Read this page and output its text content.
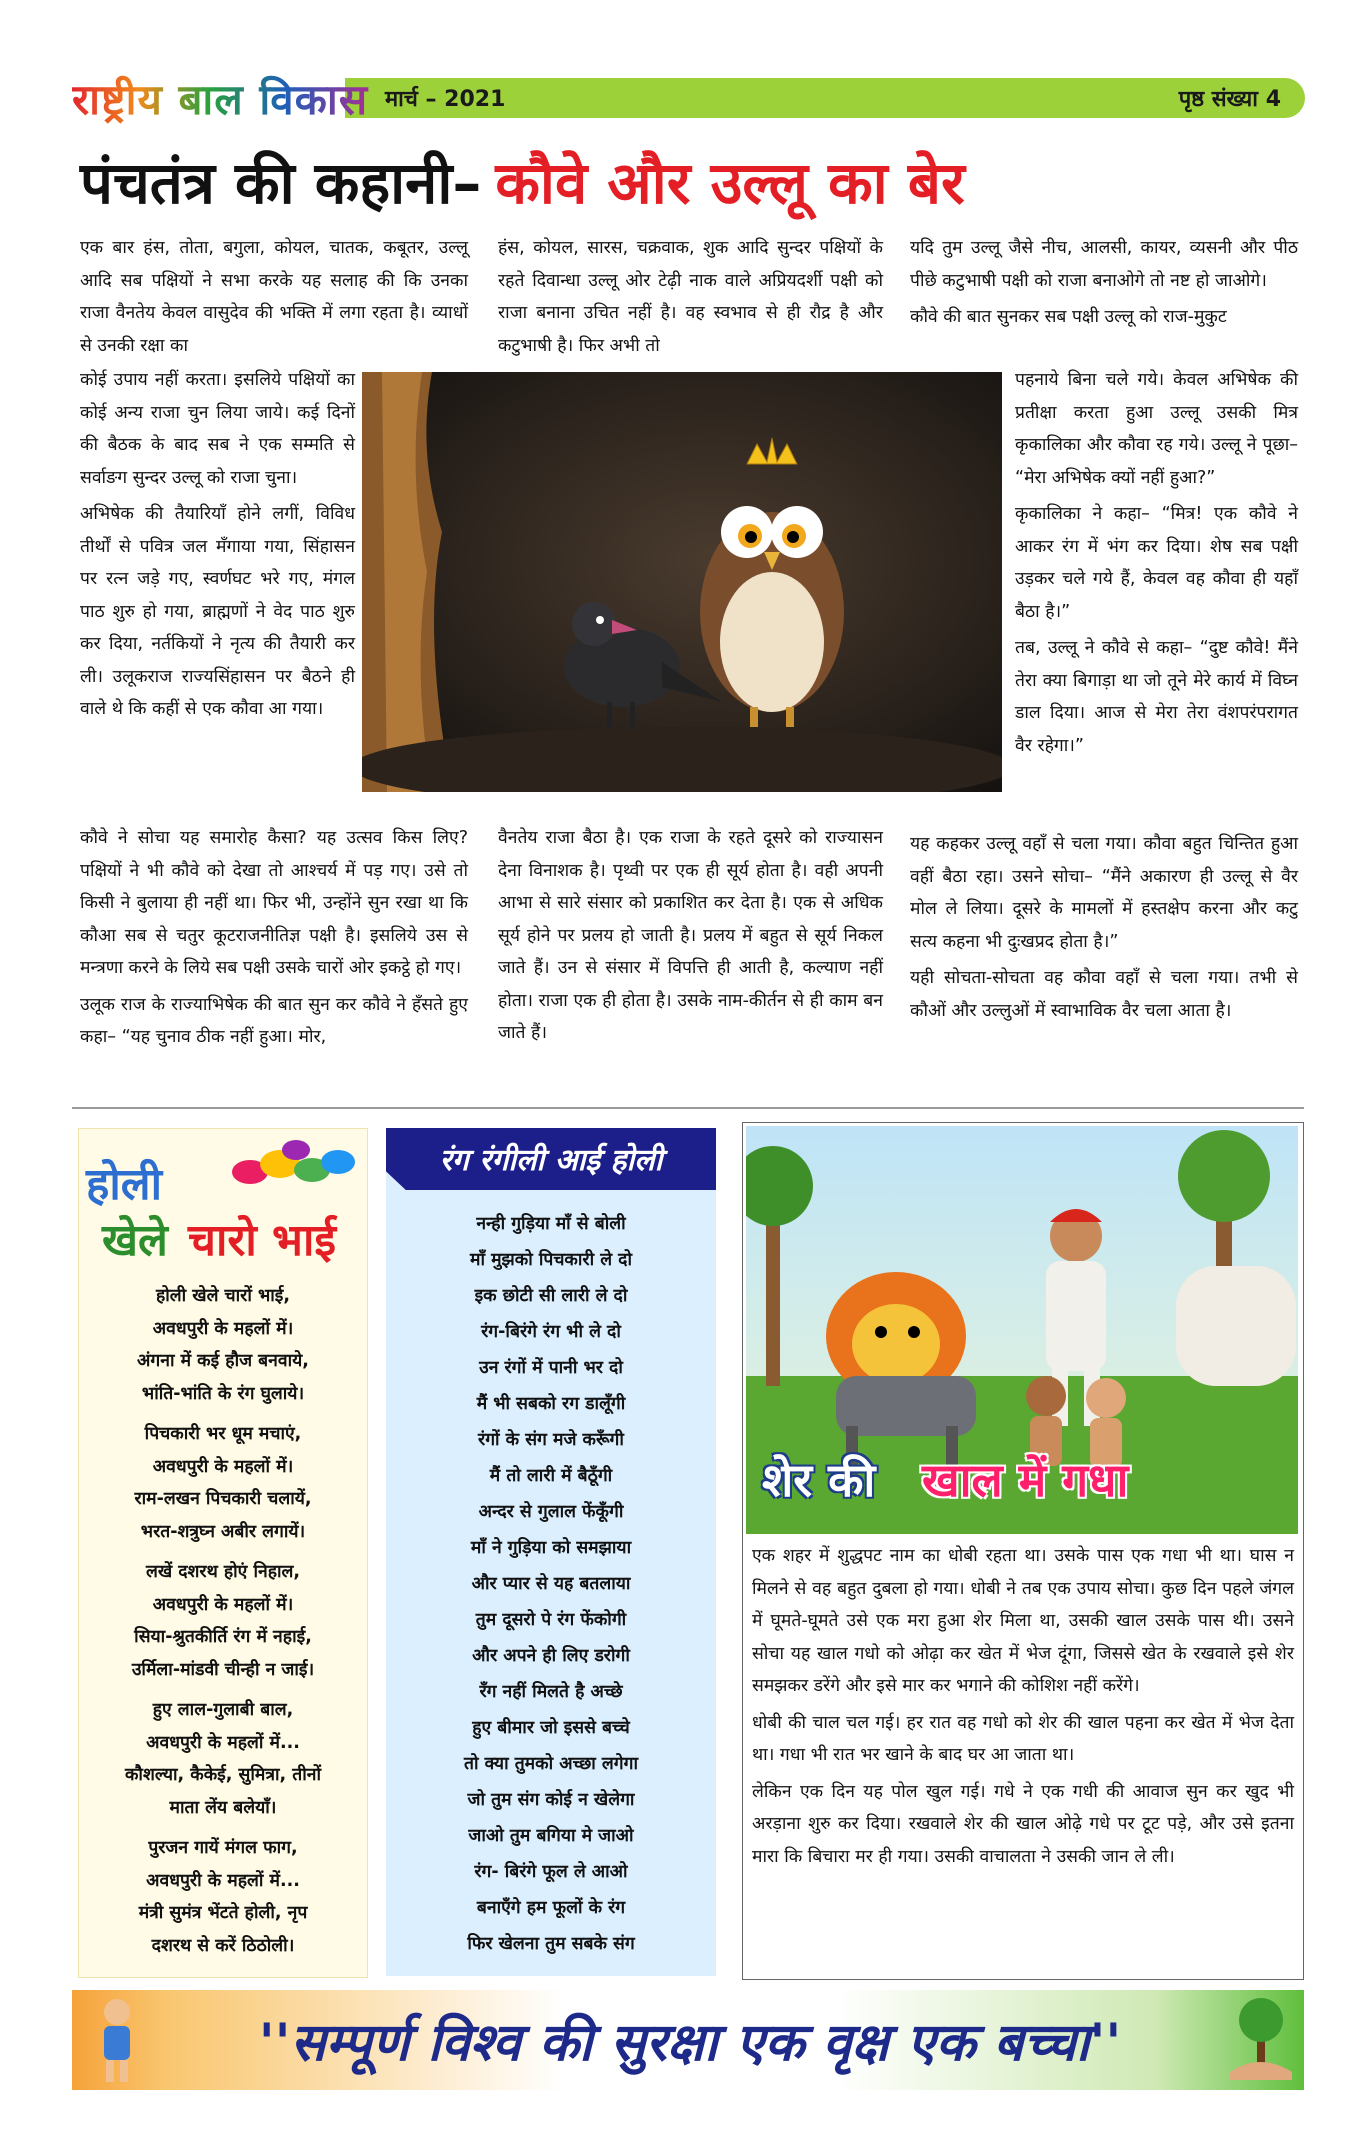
मार्च – 2021	पृष्ठ संख्या 4
राष्ट्रीय बाल विकास
पंचतंत्र की कहानी– कौवे और उल्लू का बेर

एक बार हंस, तोता, बगुला, कोयल, चातक, कबूतर, उल्लू आदि सब पक्षियों ने सभा करके यह सलाह की कि उनका राजा वैनतेय केवल वासुदेव की भक्ति में लगा रहता है। व्याधों से उनकी रक्षा का

कोई उपाय नहीं करता। इसलिये पक्षियों का कोई अन्य राजा चुन लिया जाये। कई दिनों की बैठक के बाद सब ने एक सम्मति से सर्वाङग सुन्दर उल्लू को राजा चुना।

अभिषेक की तैयारियाँ होने लगीं, विविध तीर्थों से पवित्र जल मँगाया गया, सिंहासन पर रत्न जड़े गए, स्वर्णघट भरे गए, मंगल पाठ शुरु हो गया, ब्राह्मणों ने वेद पाठ शुरु कर दिया, नर्तकियों ने नृत्य की तैयारी कर ली। उलूकराज राज्यसिंहासन पर बैठने ही वाले थे कि कहीं से एक कौवा आ गया।

कौवे ने सोचा यह समारोह कैसा? यह उत्सव किस लिए? पक्षियों ने भी कौवे को देखा तो आश्चर्य में पड़ गए। उसे तो किसी ने बुलाया ही नहीं था। फिर भी, उन्होंने सुन रखा था कि कौआ सब से चतुर कूटराजनीतिज्ञ पक्षी है। इसलिये उस से मन्त्रणा करने के लिये सब पक्षी उसके चारों ओर इकट्ठे हो गए।

उलूक राज के राज्याभिषेक की बात सुन कर कौवे ने हँसते हुए कहा– “यह चुनाव ठीक नहीं हुआ। मोर,

हंस, कोयल, सारस, चक्रवाक, शुक आदि सुन्दर पक्षियों के रहते दिवान्धा उल्लू ओर टेढ़ी नाक वाले अप्रियदर्शी पक्षी को राजा बनाना उचित नहीं है। वह स्वभाव से ही रौद्र है और कटुभाषी है। फिर अभी तो

वैनतेय राजा बैठा है। एक राजा के रहते दूसरे को राज्यासन देना विनाशक है। पृथ्वी पर एक ही सूर्य होता है। वही अपनी आभा से सारे संसार को प्रकाशित कर देता है। एक से अधिक सूर्य होने पर प्रलय हो जाती है। प्रलय में बहुत से सूर्य निकल जाते हैं। उन से संसार में विपत्ति ही आती है, कल्याण नहीं होता। राजा एक ही होता है। उसके नाम-कीर्तन से ही काम बन जाते हैं।

यदि तुम उल्लू जैसे नीच, आलसी, कायर, व्यसनी और पीठ पीछे कटुभाषी पक्षी को राजा बनाओगे तो नष्ट हो जाओगे।

कौवे की बात सुनकर सब पक्षी उल्लू को राज-मुकुट

पहनाये बिना चले गये। केवल अभिषेक की प्रतीक्षा करता हुआ उल्लू उसकी मित्र कृकालिका और कौवा रह गये। उल्लू ने पूछा– “मेरा अभिषेक क्यों नहीं हुआ?”

कृकालिका ने कहा– “मित्र! एक कौवे ने आकर रंग में भंग कर दिया। शेष सब पक्षी उड़कर चले गये हैं, केवल वह कौवा ही यहाँ बैठा है।”

तब, उल्लू ने कौवे से कहा– “दुष्ट कौवे! मैंने तेरा क्या बिगाड़ा था जो तूने मेरे कार्य में विघ्न डाल दिया। आज से मेरा तेरा वंशपरंपरागत वैर रहेगा।”

यह कहकर उल्लू वहाँ से चला गया। कौवा बहुत चिन्तित हुआ वहीं बैठा रहा। उसने सोचा– “मैंने अकारण ही उल्लू से वैर मोल ले लिया। दूसरे के मामलों में हस्तक्षेप करना और कटु सत्य कहना भी दुःखप्रद होता है।”

यही सोचता-सोचता वह कौवा वहाँ से चला गया। तभी से कौओं और उल्लुओं में स्वाभाविक वैर चला आता है।

होली
खेले चारो भाई
होली खेले चारों भाई,
अवधपुरी के महलों में।
अंगना में कई हौज बनवाये,
भांति-भांति के रंग घुलाये।
पिचकारी भर धूम मचाएं,
अवधपुरी के महलों में।
राम-लखन पिचकारी चलायें,
भरत-शत्रुघ्न अबीर लगायें।
लखें दशरथ होएं निहाल,
अवधपुरी के महलों में।
सिया-श्रुतकीर्ति रंग में नहाई,
उर्मिला-मांडवी चीन्ही न जाई।
हुए लाल-गुलाबी बाल,
अवधपुरी के महलों में...
कौशल्या, कैकेई, सुमित्रा, तीनों
माता लेंय बलेयाँ।
पुरजन गायें मंगल फाग,
अवधपुरी के महलों में...
मंत्री सुमंत्र भेंटते होली, नृप
दशरथ से करें ठिठोली।
रंग रंगीली आई होली
नन्ही गुड़िया माँ से बोली
माँ मुझको पिचकारी ले दो
इक छोटी सी लारी ले दो
रंग-बिरंगे रंग भी ले दो
उन रंगों में पानी भर दो
मैं भी सबको रग डालूँगी
रंगों के संग मजे करूँगी
मैं तो लारी में बैठूँगी
अन्दर से गुलाल फेंकूँगी
माँ ने गुड़िया को समझाया
और प्यार से यह बतलाया
तुम दूसरो पे रंग फेंकोगी
और अपने ही लिए डरोगी
रँग नहीं मिलते है अच्छे
हुए बीमार जो इससे बच्चे
तो क्या तुमको अच्छा लगेगा
जो तुम संग कोई न खेलेगा
जाओ तुम बगिया मे जाओ
रंग- बिरंगे फूल ले आओ
बनाएँगे हम फूलों के रंग
फिर खेलना तुम सबके संग
शेर की खाल में गधा

एक शहर में शुद्धपट नाम का धोबी रहता था। उसके पास एक गधा भी था। घास न मिलने से वह बहुत दुबला हो गया। धोबी ने तब एक उपाय सोचा। कुछ दिन पहले जंगल में घूमते-घूमते उसे एक मरा हुआ शेर मिला था, उसकी खाल उसके पास थी। उसने सोचा यह खाल गधो को ओढ़ा कर खेत में भेज दूंगा, जिससे खेत के रखवाले इसे शेर समझकर डरेंगे और इसे मार कर भगाने की कोशिश नहीं करेंगे।

धोबी की चाल चल गई। हर रात वह गधो को शेर की खाल पहना कर खेत में भेज देता था। गधा भी रात भर खाने के बाद घर आ जाता था।

लेकिन एक दिन यह पोल खुल गई। गधे ने एक गधी की आवाज सुन कर खुद भी अरड़ाना शुरु कर दिया। रखवाले शेर की खाल ओढ़े गधे पर टूट पड़े, और उसे इतना मारा कि बिचारा मर ही गया। उसकी वाचालता ने उसकी जान ले ली।

''सम्पूर्ण विश्व की सुरक्षा एक वृक्ष एक बच्चा''
